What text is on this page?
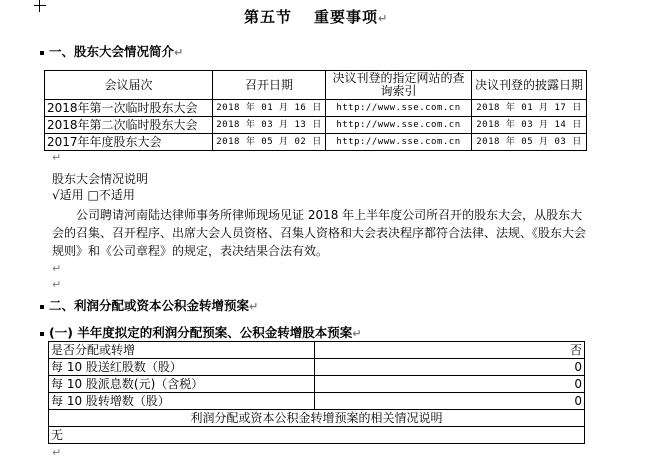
第五节 重要事项↵
一、股东大会情况简介↵
会议届次	召开日期	决议刊登的指定网站的查询索引	决议刊登的披露日期
2018年第一次临时股东大会	2018 年 01 月 16 日	http://www.sse.com.cn	2018 年 01 月 17 日
2018年第二次临时股东大会	2018 年 03 月 13 日	http://www.sse.com.cn	2018 年 03 月 14 日
2017年年度股东大会	2018 年 05 月 02 日	http://www.sse.com.cn	2018 年 05 月 03 日
↵
股东大会情况说明
√适用 □不适用
公司聘请河南陆达律师事务所律师现场见证 2018 年上半年度公司所召开的股东大会，从股东大会的召集、召开程序、出席大会人员资格、召集人资格和大会表决程序都符合法律、法规、《股东大会规则》和《公司章程》的规定，表决结果合法有效。
↵
↵
二、利润分配或资本公积金转增预案↵
(一) 半年度拟定的利润分配预案、公积金转增股本预案↵
是否分配或转增	否
每 10 股送红股数（股）	0
每 10 股派息数(元)（含税）	0
每 10 股转增数（股）	0
利润分配或资本公积金转增预案的相关情况说明	
无	
↵
